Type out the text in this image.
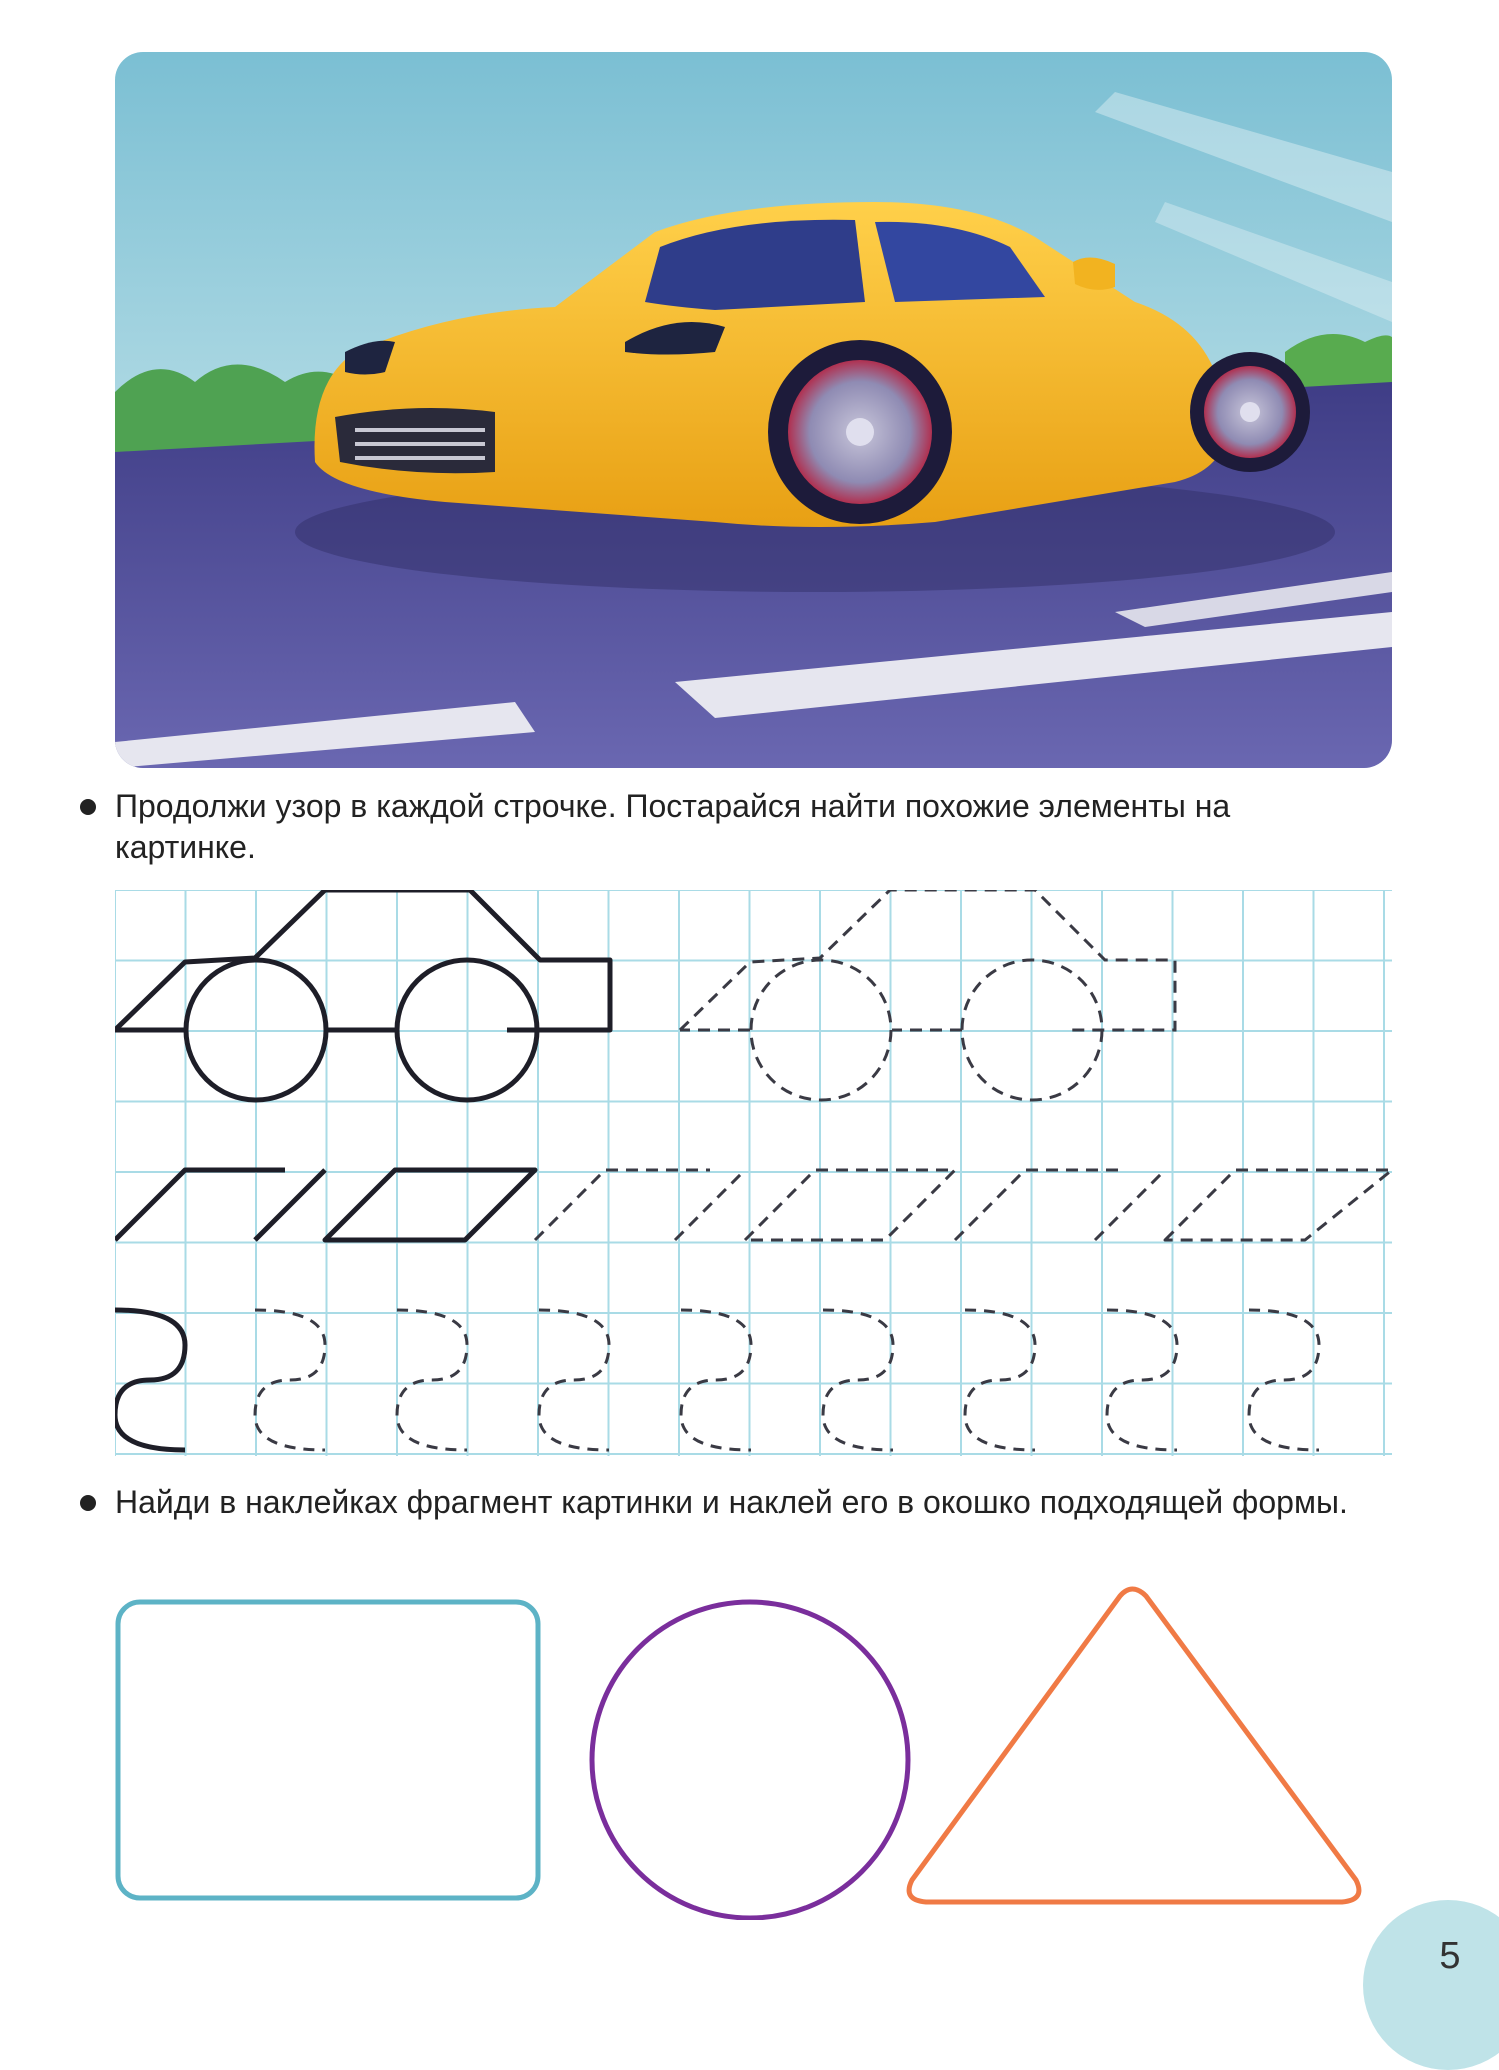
Продолжи узор в каждой строчке. Постарайся найти похожие элементы на картинке.
Найди в наклейках фрагмент картинки и наклей его в окошко подходящей формы.
5
